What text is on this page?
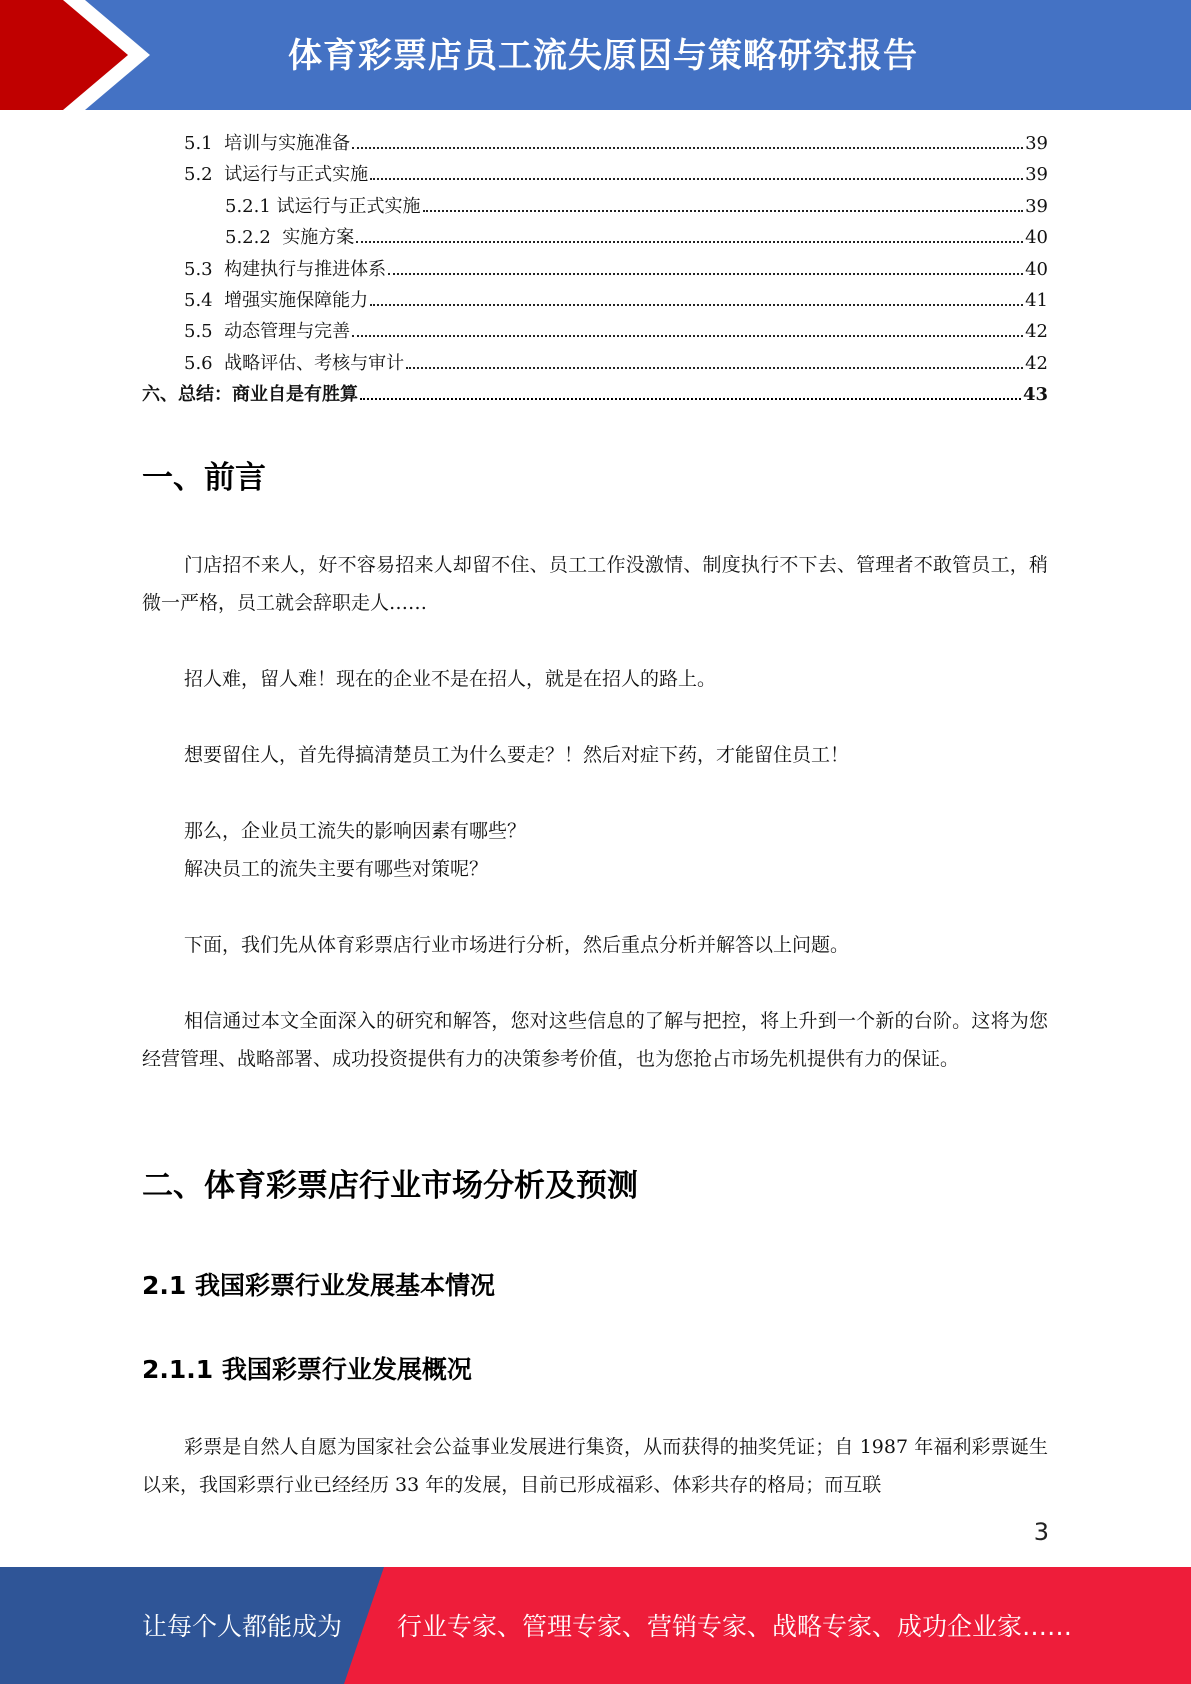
体育彩票店员工流失原因与策略研究报告
5.1  培训与实施准备	39
5.2  试运行与正式实施	39
5.2.1 试运行与正式实施	39
5.2.2  实施方案	40
5.3  构建执行与推进体系	40
5.4  增强实施保障能力	41
5.5  动态管理与完善	42
5.6  战略评估、考核与审计	42
六、总结：商业自是有胜算	43
一、前言

门店招不来人，好不容易招来人却留不住、员工工作没激情、制度执行不下去、管理者不敢管员工，稍微一严格，员工就会辞职走人……

招人难，留人难！现在的企业不是在招人，就是在招人的路上。

想要留住人，首先得搞清楚员工为什么要走？！然后对症下药，才能留住员工！

那么，企业员工流失的影响因素有哪些？

解决员工的流失主要有哪些对策呢？

下面，我们先从体育彩票店行业市场进行分析，然后重点分析并解答以上问题。

相信通过本文全面深入的研究和解答，您对这些信息的了解与把控，将上升到一个新的台阶。这将为您经营管理、战略部署、成功投资提供有力的决策参考价值，也为您抢占市场先机提供有力的保证。

二、体育彩票店行业市场分析及预测
2.1 我国彩票行业发展基本情况
2.1.1 我国彩票行业发展概况

彩票是自然人自愿为国家社会公益事业发展进行集资，从而获得的抽奖凭证；自 1987 年福利彩票诞生以来，我国彩票行业已经经历 33 年的发展，目前已形成福彩、体彩共存的格局；而互联

3
让每个人都能成为 行业专家、管理专家、营销专家、战略专家、成功企业家……
